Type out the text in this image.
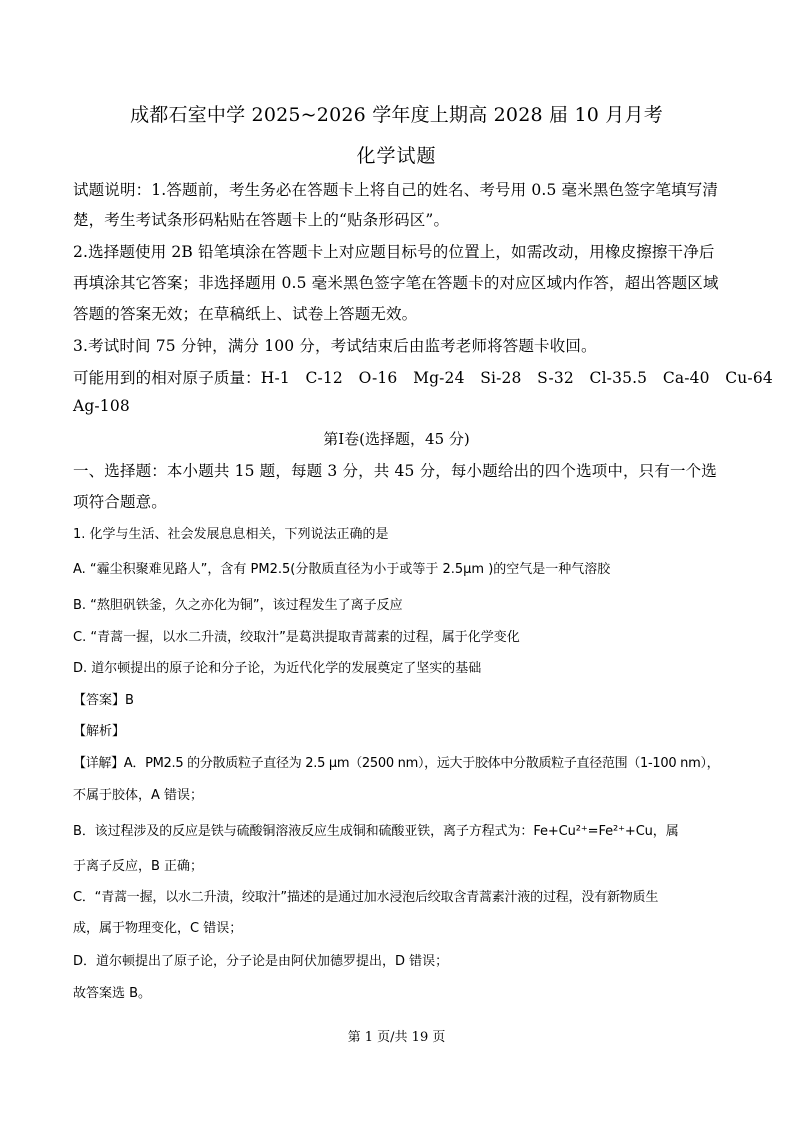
成都石室中学 2025~2026 学年度上期高 2028 届 10 月月考
化学试题
试题说明：1.答题前，考生务必在答题卡上将自己的姓名、考号用 0.5 毫米黑色签字笔填写清
楚，考生考试条形码粘贴在答题卡上的“贴条形码区”。
2.选择题使用 2B 铅笔填涂在答题卡上对应题目标号的位置上，如需改动，用橡皮擦擦干净后
再填涂其它答案；非选择题用 0.5 毫米黑色签字笔在答题卡的对应区域内作答，超出答题区域
答题的答案无效；在草稿纸上、试卷上答题无效。
3.考试时间 75 分钟，满分 100 分，考试结束后由监考老师将答题卡收回。
可能用到的相对原子质量：H-1　C-12　O-16　Mg-24　Si-28　S-32　Cl-35.5　Ca-40　Cu-64
Ag-108
第Ⅰ卷(选择题，45 分)
一、选择题：本小题共 15 题，每题 3 分，共 45 分，每小题给出的四个选项中，只有一个选
项符合题意。
1. 化学与生活、社会发展息息相关，下列说法正确的是
A. “霾尘积聚难见路人”，含有 PM2.5(分散质直径为小于或等于 2.5μm )的空气是一种气溶胶
B. “熬胆矾铁釜，久之亦化为铜”，该过程发生了离子反应
C. “青蒿一握，以水二升渍，绞取汁”是葛洪提取青蒿素的过程，属于化学变化
D. 道尔顿提出的原子论和分子论，为近代化学的发展奠定了坚实的基础
【答案】B
【解析】
【详解】A．PM2.5 的分散质粒子直径为 2.5 μm（2500 nm），远大于胶体中分散质粒子直径范围（1-100 nm），
不属于胶体，A 错误；
B．该过程涉及的反应是铁与硫酸铜溶液反应生成铜和硫酸亚铁，离子方程式为：Fe+Cu²⁺=Fe²⁺+Cu，属
于离子反应，B 正确；
C．“青蒿一握，以水二升渍，绞取汁”描述的是通过加水浸泡后绞取含青蒿素汁液的过程，没有新物质生
成，属于物理变化，C 错误；
D．道尔顿提出了原子论，分子论是由阿伏加德罗提出，D 错误；
故答案选 B。
第 1 页/共 19 页
